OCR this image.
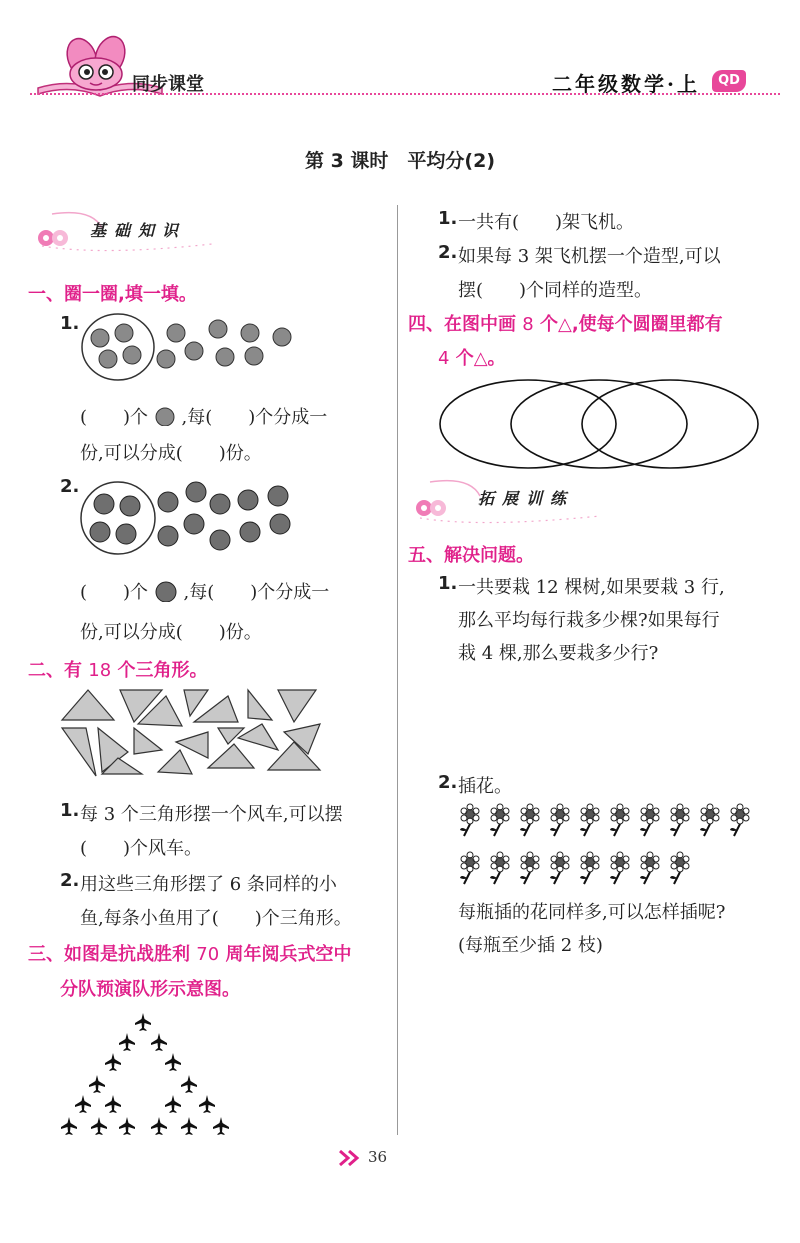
同步课堂	二年级数学·上	QD
第 3 课时　平均分(2)
基础知识
一、圈一圈,填一填。
1.
(　　)个 ,每(　　)个分成一
份,可以分成(　　)份。
2.
(　　)个 ,每(　　)个分成一
份,可以分成(　　)份。
二、有 18 个三角形。
1. 每 3 个三角形摆一个风车,可以摆
(　　)个风车。
2. 用这些三角形摆了 6 条同样的小
鱼,每条小鱼用了(　　)个三角形。
三、如图是抗战胜利 70 周年阅兵式空中
分队预演队形示意图。
1. 一共有(　　)架飞机。
2. 如果每 3 架飞机摆一个造型,可以
摆(　　)个同样的造型。
四、在图中画 8 个△,使每个圆圈里都有
4 个△。
拓展训练
五、解决问题。
1. 一共要栽 12 棵树,如果要栽 3 行,
那么平均每行栽多少棵?如果每行
栽 4 棵,那么要栽多少行?
2. 插花。
每瓶插的花同样多,可以怎样插呢?
(每瓶至少插 2 枝)
36
